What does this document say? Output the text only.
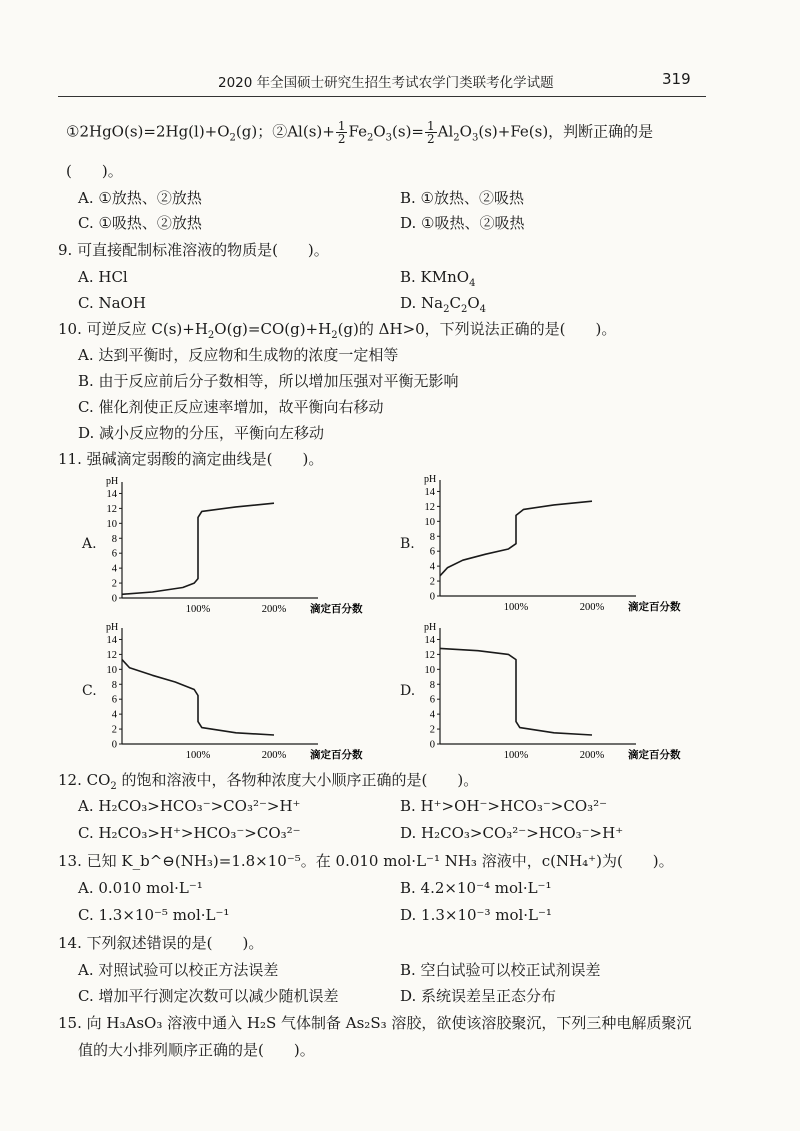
2020 年全国硕士研究生招生考试农学门类联考化学试题	319
$①2HgO(s)=2Hg(l)+O_2(g)$；②Al(s)+ $\frac{1}{2} Fe_2O_3(s)= \frac{1}{2} Al_2O_3(s)+Fe(s)$，判断正确的是
(　　)。
A. ①放热、②放热	B. ①放热、②吸热
C. ①吸热、②放热	D. ①吸热、②吸热
9. 可直接配制标准溶液的物质是(　　)。
A. HCl	B. KMnO$_4$
C. NaOH	D. $Na_2C_2O_4$
10. 可逆反应 $C(s)+H_2O(g)=CO(g)+H_2(g)$的 ΔH>0，下列说法正确的是(　　)。
A. 达到平衡时，反应物和生成物的浓度一定相等
B. 由于反应前后分子数相等，所以增加压强对平衡无影响
C. 催化剂使正反应速率增加，故平衡向右移动
D. 减小反应物的分压，平衡向左移动
11. 强碱滴定弱酸的滴定曲线是(　　)。
A.	B.
C.	D.
pH
0
2
4
6
8
10
12
14
100%	200% 滴定百分数
pH
0
2
4
6
8
10
12
14
100%	200% 滴定百分数
pH
0
2
4
6
8
10
12
14
100%	200% 滴定百分数
pH
0
2
4
6
8
10
12
14
100%	200% 滴定百分数
12. $CO_2$ 的饱和溶液中，各物种浓度大小顺序正确的是(　　)。
A. H₂CO₃>HCO₃⁻>CO₃²⁻>H⁺	B. H⁺>OH⁻>HCO₃⁻>CO₃²⁻
C. H₂CO₃>H⁺>HCO₃⁻>CO₃²⁻	D. H₂CO₃>CO₃²⁻>HCO₃⁻>H⁺
13. 已知 K_b^⊖(NH₃)=1.8×10⁻⁵。在 0.010 mol·L⁻¹ NH₃ 溶液中，c(NH₄⁺)为(　　)。
A. 0.010 mol·L⁻¹	B. 4.2×10⁻⁴ mol·L⁻¹
C. 1.3×10⁻⁵ mol·L⁻¹	D. 1.3×10⁻³ mol·L⁻¹
14. 下列叙述错误的是(　　)。
A. 对照试验可以校正方法误差	B. 空白试验可以校正试剂误差
C. 增加平行测定次数可以减少随机误差	D. 系统误差呈正态分布
15. 向 H₃AsO₃ 溶液中通入 H₂S 气体制备 As₂S₃ 溶胶，欲使该溶胶聚沉，下列三种电解质聚沉
值的大小排列顺序正确的是(　　)。
